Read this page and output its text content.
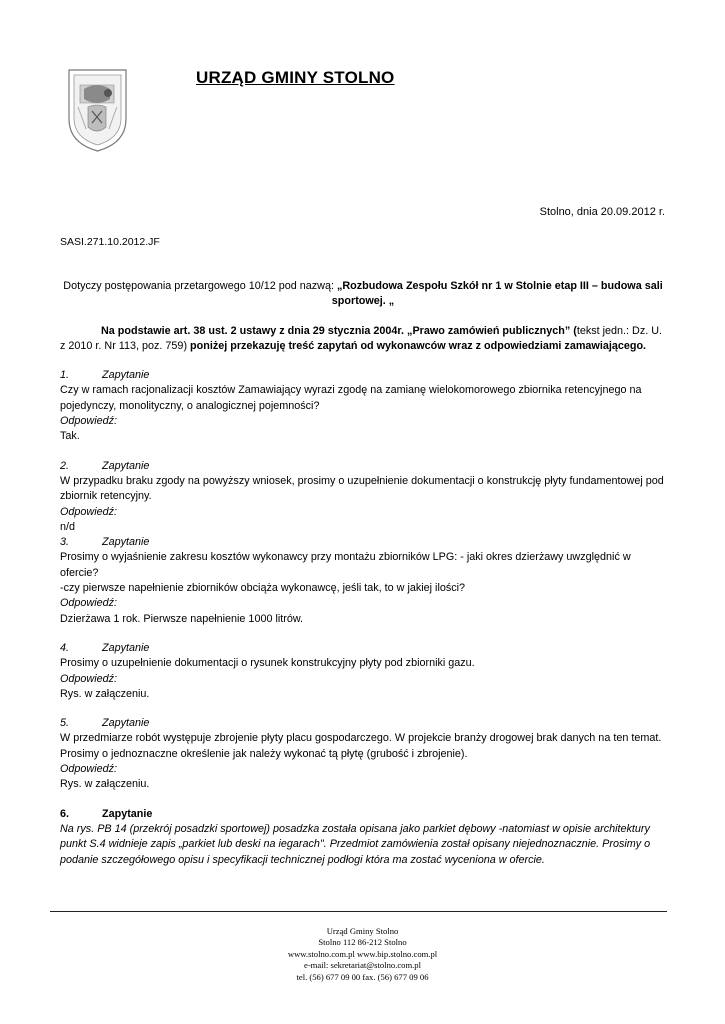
URZĄD GMINY STOLNO
Stolno, dnia 20.09.2012 r.
SASI.271.10.2012.JF

Dotyczy postępowania przetargowego 10/12 pod nazwą: „Rozbudowa Zespołu Szkół nr 1 w Stolnie etap III – budowa sali sportowej. „

Na podstawie art. 38 ust. 2 ustawy z dnia 29 stycznia 2004r. „Prawo zamówień publicznych” (tekst jedn.: Dz. U. z 2010 r. Nr 113, poz. 759) poniżej przekazuję treść zapytań od wykonawców wraz z odpowiedziami zamawiającego.

1.	Zapytanie

Czy w ramach racjonalizacji kosztów Zamawiający wyrazi zgodę na zamianę wielokomorowego zbiornika retencyjnego na pojedynczy, monolityczny, o analogicznej pojemności?

Odpowiedź:

Tak.

2.	Zapytanie

W przypadku braku zgody na powyższy wniosek, prosimy o uzupełnienie dokumentacji o konstrukcję płyty fundamentowej pod zbiornik retencyjny.

Odpowiedź:

n/d

3.	Zapytanie

Prosimy o wyjaśnienie zakresu kosztów wykonawcy przy montażu zbiorników LPG: - jaki okres dzierżawy uwzględnić w ofercie?

-czy pierwsze napełnienie zbiorników obciąża wykonawcę, jeśli tak, to w jakiej ilości?

Odpowiedź:

Dzierżawa 1 rok. Pierwsze napełnienie 1000 litrów.

4.	Zapytanie

Prosimy o uzupełnienie dokumentacji o rysunek konstrukcyjny płyty pod zbiorniki gazu.

Odpowiedź:

Rys. w załączeniu.

5.	Zapytanie

W przedmiarze robót występuje zbrojenie płyty placu gospodarczego. W projekcie branży drogowej brak danych na ten temat. Prosimy o jednoznaczne określenie jak należy wykonać tą płytę (grubość i zbrojenie).

Odpowiedź:

Rys. w załączeniu.

6.	Zapytanie

Na rys. PB 14 (przekrój posadzki sportowej) posadzka została opisana jako parkiet dębowy -natomiast w opisie architektury punkt S.4 widnieje zapis „parkiet lub deski na iegarach". Przedmiot zamówienia został opisany niejednoznacznie. Prosimy o podanie szczegółowego opisu i specyfikacji technicznej podłogi która ma zostać wyceniona w ofercie.

Urząd Gminy Stolno
Stolno 112 86-212 Stolno
www.stolno.com.pl www.bip.stolno.com.pl
e-mail: sekretariat@stolno.com.pl
tel. (56) 677 09 00 fax. (56) 677 09 06
